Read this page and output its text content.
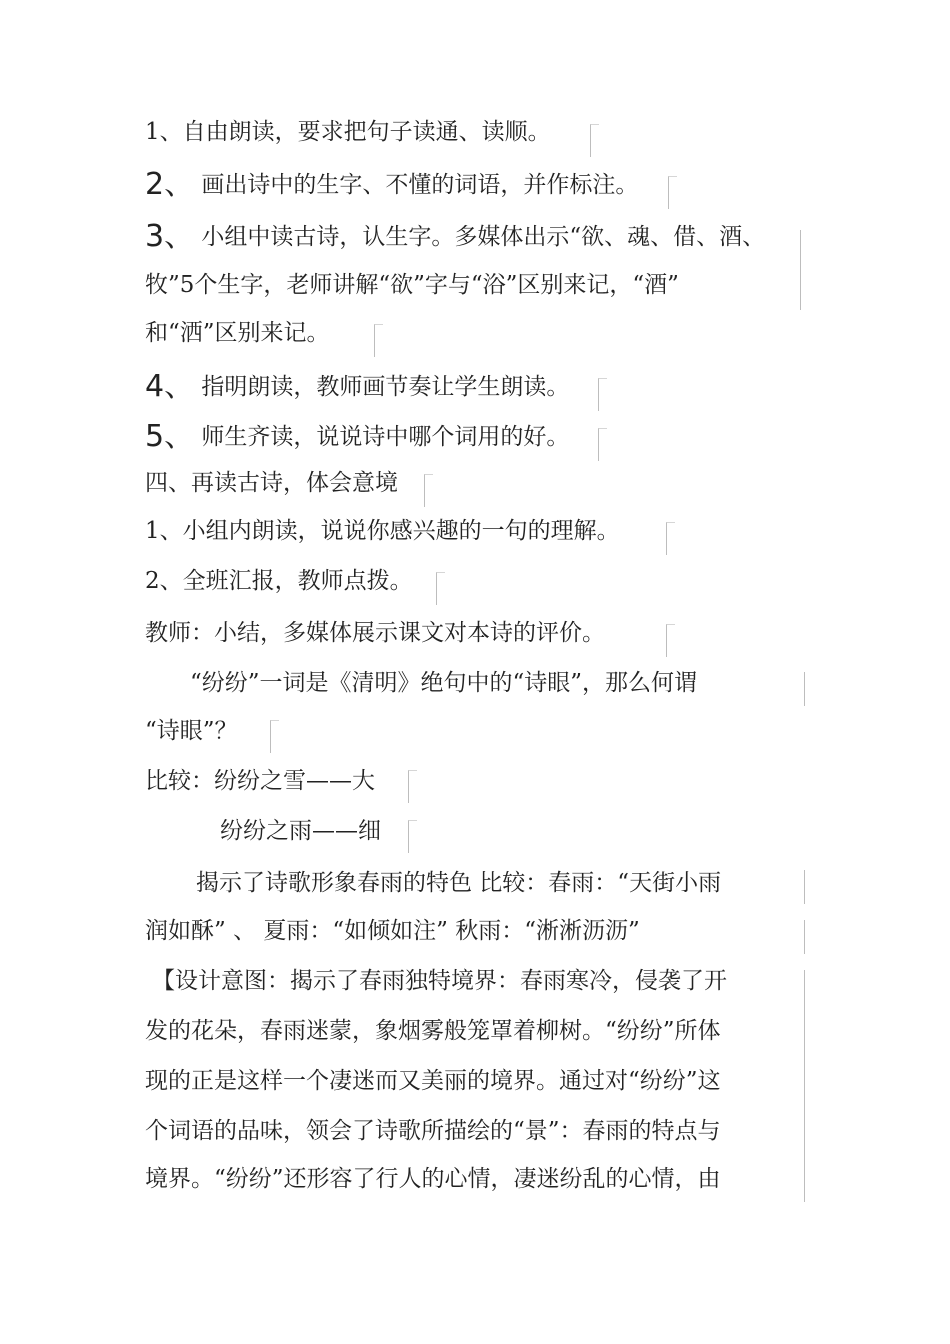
1、自由朗读，要求把句子读通、读顺。
2、 画出诗中的生字、不懂的词语，并作标注。
3、 小组中读古诗，认生字。多媒体出示“欲、魂、借、酒、
牧”5个生字，老师讲解“欲”字与“浴”区别来记，“酒”
和“洒”区别来记。
4、 指明朗读，教师画节奏让学生朗读。
5、 师生齐读，说说诗中哪个词用的好。
四、再读古诗，体会意境
1、小组内朗读，说说你感兴趣的一句的理解。
2、全班汇报，教师点拨。
教师：小结，多媒体展示课文对本诗的评价。
“纷纷”一词是《清明》绝句中的“诗眼”，那么何谓
“诗眼”？
比较：纷纷之雪——大
纷纷之雨——细
揭示了诗歌形象春雨的特色 比较：春雨：“天街小雨
润如酥” 、 夏雨：“如倾如注” 秋雨：“淅淅沥沥”
【设计意图：揭示了春雨独特境界：春雨寒冷，侵袭了开
发的花朵，春雨迷蒙，象烟雾般笼罩着柳树。“纷纷”所体
现的正是这样一个凄迷而又美丽的境界。通过对“纷纷”这
个词语的品味，领会了诗歌所描绘的“景”：春雨的特点与
境界。“纷纷”还形容了行人的心情，凄迷纷乱的心情，由
